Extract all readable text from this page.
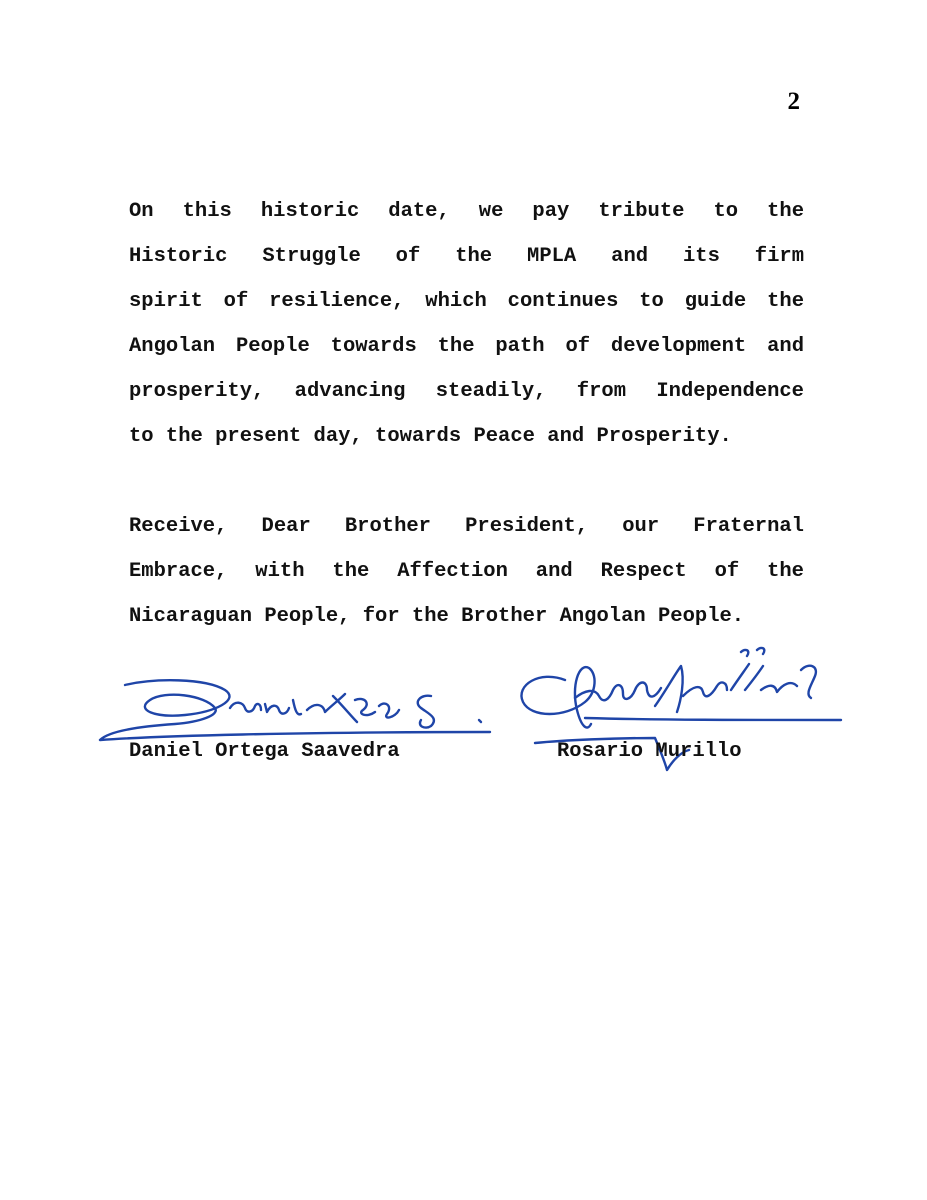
2
On this historic date, we pay tribute to the
Historic Struggle of the MPLA and its firm
spirit of resilience, which continues to guide the
Angolan People towards the path of development and
prosperity, advancing steadily, from Independence
to the present day, towards Peace and Prosperity.
Receive, Dear Brother President, our Fraternal
Embrace, with the Affection and Respect of the
Nicaraguan People, for the Brother Angolan People.
Daniel Ortega Saavedra	Rosario Murillo
